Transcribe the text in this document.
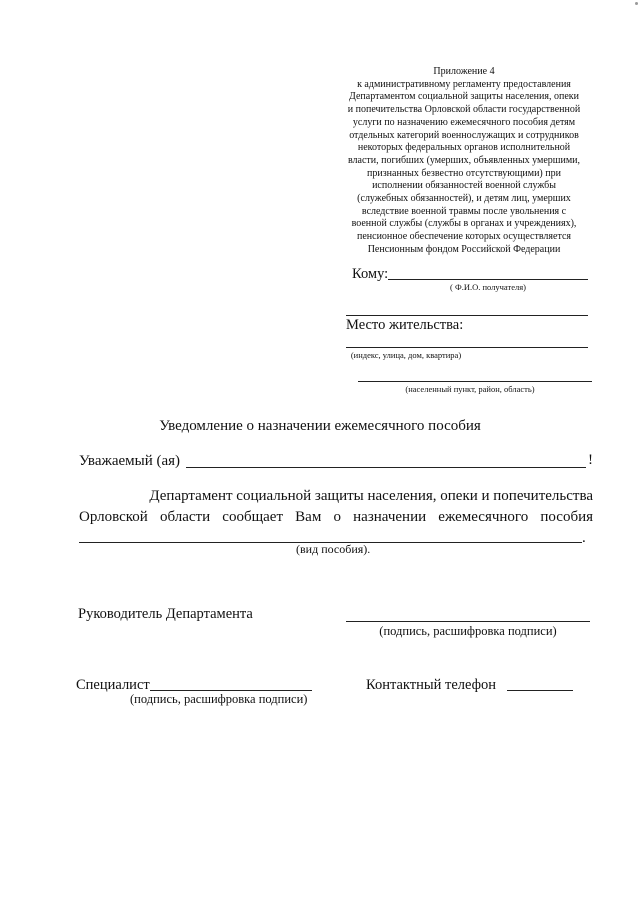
Приложение 4
к административному регламенту предоставления
Департаментом социальной защиты населения, опеки
и попечительства Орловской области государственной
услуги по назначению ежемесячного пособия детям
отдельных категорий военнослужащих и сотрудников
некоторых федеральных органов исполнительной
власти, погибших (умерших, объявленных умершими,
признанных безвестно отсутствующими) при
исполнении обязанностей военной службы
(служебных обязанностей), и детям лиц, умерших
вследствие военной травмы после увольнения с
военной службы (службы в органах и учреждениях),
пенсионное обеспечение которых осуществляется
Пенсионным фондом Российской Федерации
Кому:
( Ф.И.О. получателя)
Место жительства:
(индекс, улица, дом, квартира)
(населенный пункт, район, область)
Уведомление о назначении ежемесячного пособия
Уважаемый (ая)	!
Департамент социальной защиты населения, опеки и попечительства
Орловской области сообщает Вам о назначении ежемесячного пособия
.
(вид пособия).
Руководитель Департамента
(подпись, расшифровка подписи)
Специалист
(подпись, расшифровка подписи)
Контактный телефон
